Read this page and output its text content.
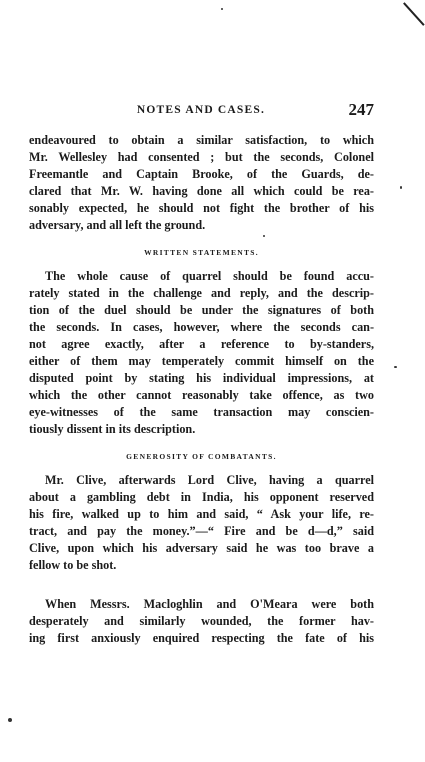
NOTES AND CASES.	247
endeavoured to obtain a similar satisfaction, to which
Mr. Wellesley had consented ; but the seconds, Colonel
Freemantle and Captain Brooke, of the Guards, de-
clared that Mr. W. having done all which could be rea-
sonably expected, he should not fight the brother of his
adversary, and all left the ground.
WRITTEN STATEMENTS.
The whole cause of quarrel should be found accu-
rately stated in the challenge and reply, and the descrip-
tion of the duel should be under the signatures of both
the seconds. In cases, however, where the seconds can-
not agree exactly, after a reference to by-standers,
either of them may temperately commit himself on the
disputed point by stating his individual impressions, at
which the other cannot reasonably take offence, as two
eye-witnesses of the same transaction may conscien-
tiously dissent in its description.
GENEROSITY OF COMBATANTS.
Mr. Clive, afterwards Lord Clive, having a quarrel
about a gambling debt in India, his opponent reserved
his fire, walked up to him and said, “ Ask your life, re-
tract, and pay the money.”—“ Fire and be d—d,” said
Clive, upon which his adversary said he was too brave a
fellow to be shot.
When Messrs. Macloghlin and O'Meara were both
desperately and similarly wounded, the former hav-
ing first anxiously enquired respecting the fate of his
